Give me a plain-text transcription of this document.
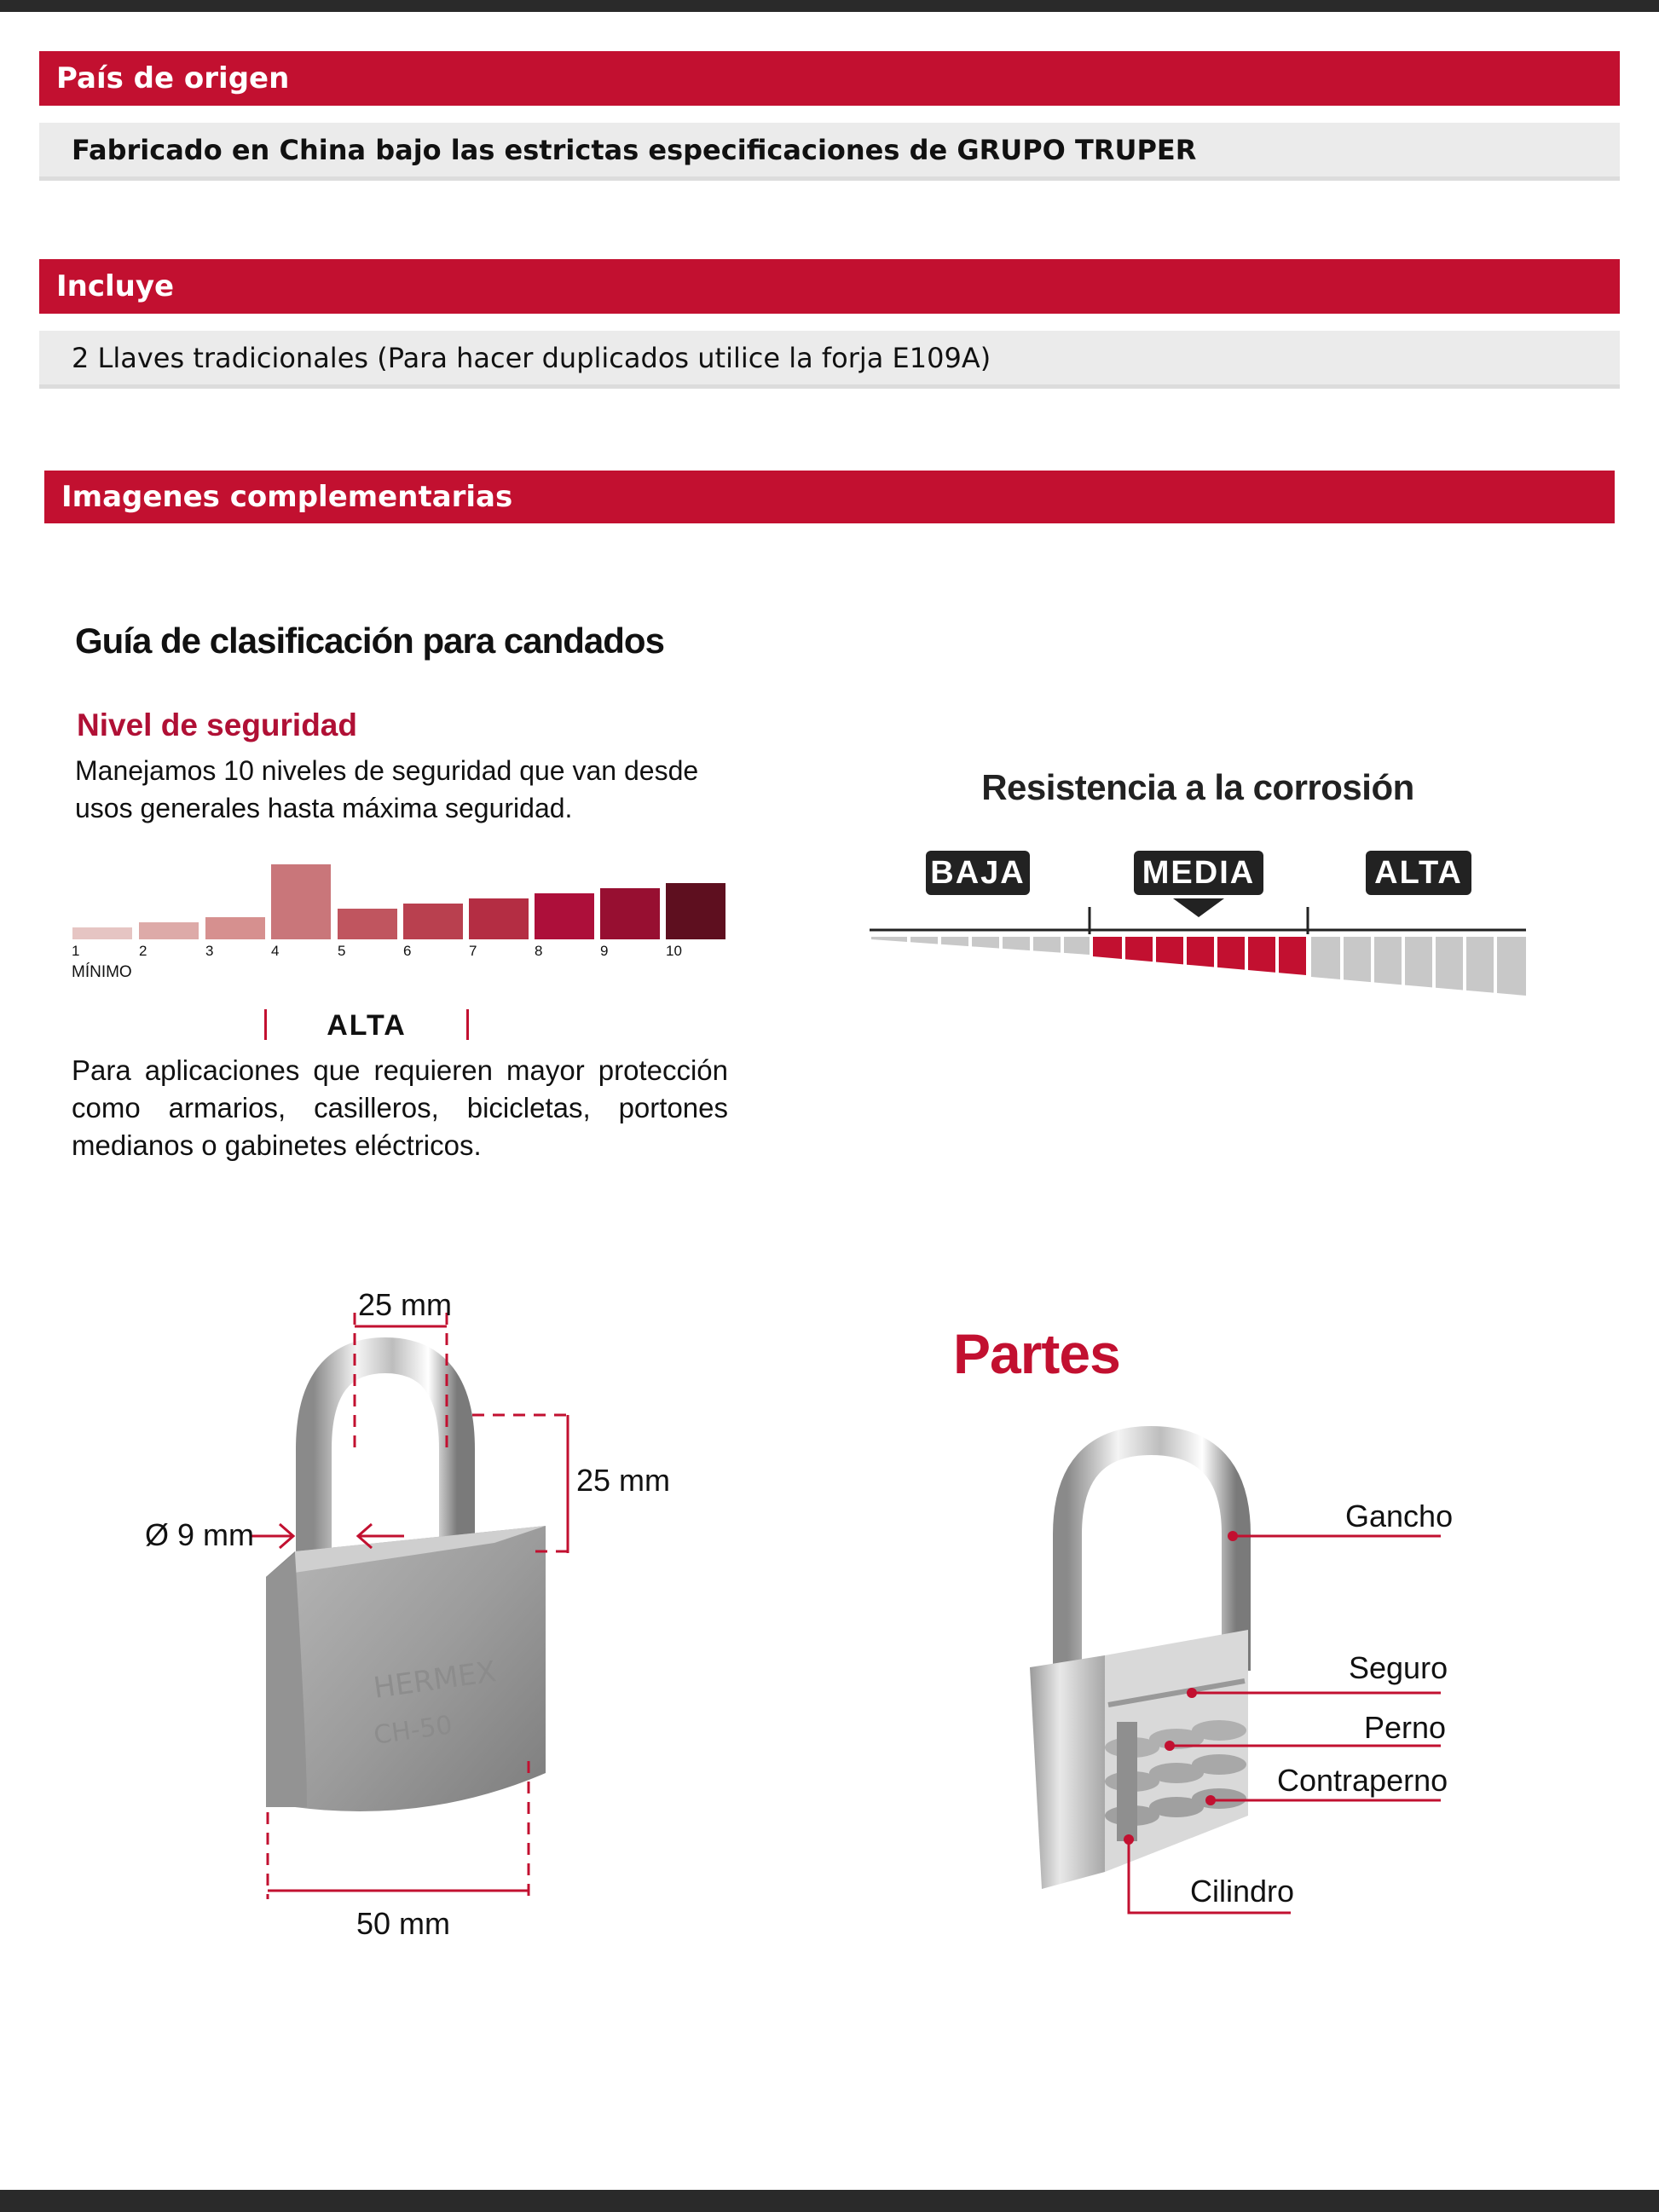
País de origen
Fabricado en China bajo las estrictas especificaciones de GRUPO TRUPER
Incluye
2 Llaves tradicionales (Para hacer duplicados utilice la forja E109A)
Imagenes complementarias
Guía de clasificación para candados
Nivel de seguridad
Manejamos 10 niveles de seguridad que van desde usos generales hasta máxima seguridad.
1	2	3	4	5	6	7	8	9	10
MÍNIMO
ALTA
Para aplicaciones que requieren mayor protección como armarios, casilleros, bicicletas, portones medianos o gabinetes eléctricos.
Resistencia a la corrosión
BAJA	MEDIA	ALTA
HERMEX
CH-50
25 mm
25 mm
Ø 9 mm
50 mm
Partes
Gancho
Seguro
Perno
Contraperno
Cilindro
